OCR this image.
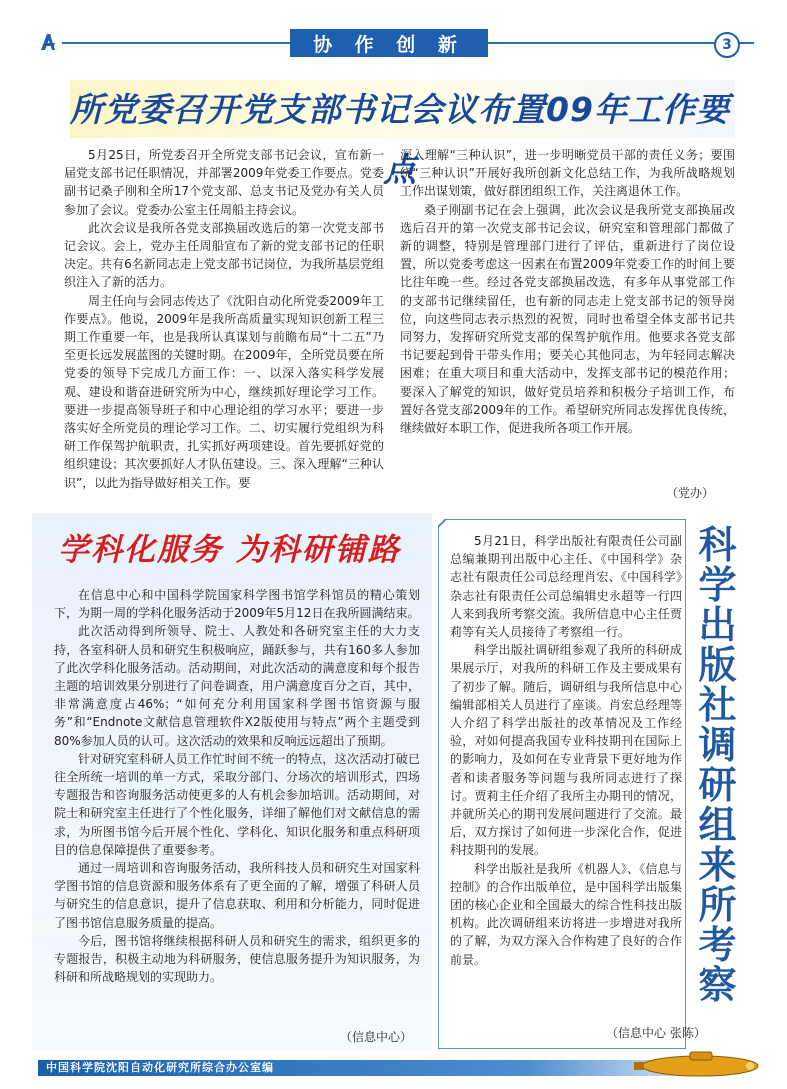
协 作 创 新	3
所党委召开党支部书记会议布置09年工作要点

5月25日，所党委召开全所党支部书记会议，宣布新一届党支部书记任职情况，并部署2009年党委工作要点。党委副书记桑子刚和全所17个党支部、总支书记及党办有关人员参加了会议。党委办公室主任周船主持会议。

此次会议是我所各党支部换届改选后的第一次党支部书记会议。会上，党办主任周船宣布了新的党支部书记的任职决定。共有6名新同志走上党支部书记岗位，为我所基层党组织注入了新的活力。

周主任向与会同志传达了《沈阳自动化所党委2009年工作要点》。他说，2009年是我所高质量实现知识创新工程三期工作重要一年，也是我所认真谋划与前瞻布局“十二五”乃至更长远发展蓝图的关键时期。在2009年，全所党员要在所党委的领导下完成几方面工作：一、以深入落实科学发展观、建设和谐奋进研究所为中心，继续抓好理论学习工作。要进一步提高领导班子和中心理论组的学习水平；要进一步落实好全所党员的理论学习工作。二、切实履行党组织为科研工作保驾护航职责，扎实抓好两项建设。首先要抓好党的组织建设；其次要抓好人才队伍建设。三、深入理解“三种认识”，以此为指导做好相关工作。要

深入理解“三种认识”，进一步明晰党员干部的责任义务；要围绕“三种认识”开展好我所创新文化总结工作，为我所战略规划工作出谋划策，做好群团组织工作，关注离退休工作。

桑子刚副书记在会上强调，此次会议是我所党支部换届改选后召开的第一次党支部书记会议，研究室和管理部门都做了新的调整，特别是管理部门进行了评估，重新进行了岗位设置，所以党委考虑这一因素在布置2009年党委工作的时间上要比往年晚一些。经过各党支部换届改选，有多年从事党部工作的支部书记继续留任，也有新的同志走上党支部书记的领导岗位，向这些同志表示热烈的祝贺，同时也希望全体支部书记共同努力，发挥研究所党支部的保驾护航作用。他要求各党支部书记要起到骨干带头作用；要关心其他同志，为年轻同志解决困难；在重大项目和重大活动中，发挥支部书记的模范作用；要深入了解党的知识，做好党员培养和积极分子培训工作，布置好各党支部2009年的工作。希望研究所同志发挥优良传统，继续做好本职工作，促进我所各项工作开展。

（党办）
学科化服务 为科研铺路

在信息中心和中国科学院国家科学图书馆学科馆员的精心策划下，为期一周的学科化服务活动于2009年5月12日在我所圆满结束。

此次活动得到所领导、院士、人教处和各研究室主任的大力支持，各室科研人员和研究生积极响应，踊跃参与，共有160多人参加了此次学科化服务活动。活动期间，对此次活动的满意度和每个报告主题的培训效果分别进行了问卷调查，用户满意度百分之百，其中，非常满意度占46%；“如何充分利用国家科学图书馆资源与服务”和“Endnote文献信息管理软件X2版使用与特点”两个主题受到80%参加人员的认可。这次活动的效果和反响远远超出了预期。

针对研究室科研人员工作忙时间不统一的特点，这次活动打破已往全所统一培训的单一方式，采取分部门、分场次的培训形式，四场专题报告和咨询服务活动使更多的人有机会参加培训。活动期间，对院士和研究室主任进行了个性化服务，详细了解他们对文献信息的需求，为所图书馆今后开展个性化、学科化、知识化服务和重点科研项目的信息保障提供了重要参考。

通过一周培训和咨询服务活动，我所科技人员和研究生对国家科学图书馆的信息资源和服务体系有了更全面的了解，增强了科研人员与研究生的信息意识，提升了信息获取、利用和分析能力，同时促进了图书馆信息服务质量的提高。

今后，图书馆将继续根据科研人员和研究生的需求，组织更多的专题报告，积极主动地为科研服务，使信息服务提升为知识服务，为科研和所战略规划的实现助力。

（信息中心）

5月21日，科学出版社有限责任公司副总编兼期刊出版中心主任、《中国科学》杂志社有限责任公司总经理肖宏、《中国科学》杂志社有限责任公司总编辑史永超等一行四人来到我所考察交流。我所信息中心主任贾莉等有关人员接待了考察组一行。

科学出版社调研组参观了我所的科研成果展示厅，对我所的科研工作及主要成果有了初步了解。随后，调研组与我所信息中心编辑部相关人员进行了座谈。肖宏总经理等人介绍了科学出版社的改革情况及工作经验，对如何提高我国专业科技期刊在国际上的影响力，及如何在专业背景下更好地为作者和读者服务等问题与我所同志进行了探讨。贾莉主任介绍了我所主办期刊的情况，并就所关心的期刊发展问题进行了交流。最后，双方探讨了如何进一步深化合作，促进科技期刊的发展。

科学出版社是我所《机器人》、《信息与控制》的合作出版单位，是中国科学出版集团的核心企业和全国最大的综合性科技出版机构。此次调研组来访将进一步增进对我所的了解，为双方深入合作构建了良好的合作前景。

（信息中心 张陈）
科学出版社调研组来所考察
中国科学院沈阳自动化研究所综合办公室编
